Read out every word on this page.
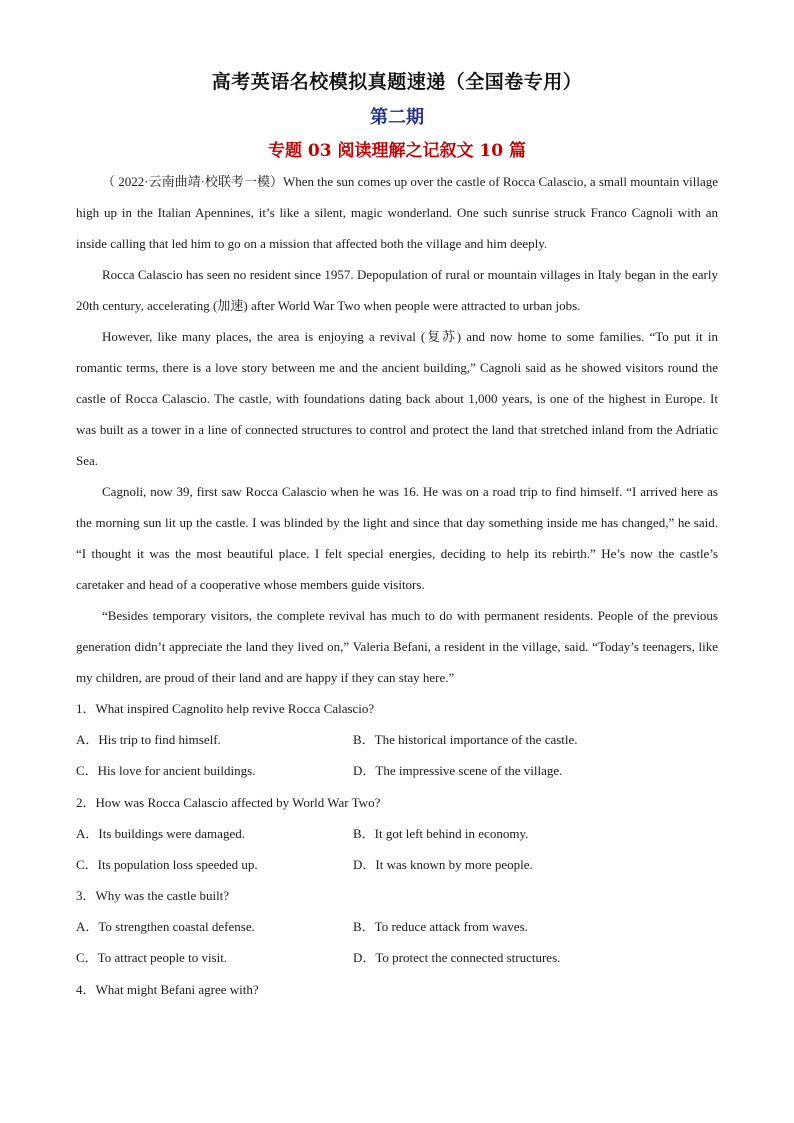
高考英语名校模拟真题速递（全国卷专用）
第二期
专题 03 阅读理解之记叙文 10 篇

（ 2022·云南曲靖·校联考一模）When the sun comes up over the castle of Rocca Calascio, a small mountain village high up in the Italian Apennines, it’s like a silent, magic wonderland. One such sunrise struck Franco Cagnoli with an inside calling that led him to go on a mission that affected both the village and him deeply.

Rocca Calascio has seen no resident since 1957. Depopulation of rural or mountain villages in Italy began in the early 20th century, accelerating (加速) after World War Two when people were attracted to urban jobs.

However, like many places, the area is enjoying a revival (复苏) and now home to some families. “To put it in romantic terms, there is a love story between me and the ancient building,” Cagnoli said as he showed visitors round the castle of Rocca Calascio. The castle, with foundations dating back about 1,000 years, is one of the highest in Europe. It was built as a tower in a line of connected structures to control and protect the land that stretched inland from the Adriatic Sea.

Cagnoli, now 39, first saw Rocca Calascio when he was 16. He was on a road trip to find himself. “I arrived here as the morning sun lit up the castle. I was blinded by the light and since that day something inside me has changed,” he said. “I thought it was the most beautiful place. I felt special energies, deciding to help its rebirth.” He’s now the castle’s caretaker and head of a cooperative whose members guide visitors.

“Besides temporary visitors, the complete revival has much to do with permanent residents. People of the previous generation didn’t appreciate the land they lived on,” Valeria Befani, a resident in the village, said. “Today’s teenagers, like my children, are proud of their land and are happy if they can stay here.”

1．What inspired Cagnolito help revive Rocca Calascio?

A．His trip to find himself.	B．The historical importance of the castle.
C．His love for ancient buildings.	D．The impressive scene of the village.

2．How was Rocca Calascio affected by World War Two?

A．Its buildings were damaged.	B．It got left behind in economy.
C．Its population loss speeded up.	D．It was known by more people.

3．Why was the castle built?

A．To strengthen coastal defense.	B．To reduce attack from waves.
C．To attract people to visit.	D．To protect the connected structures.

4．What might Befani agree with?
